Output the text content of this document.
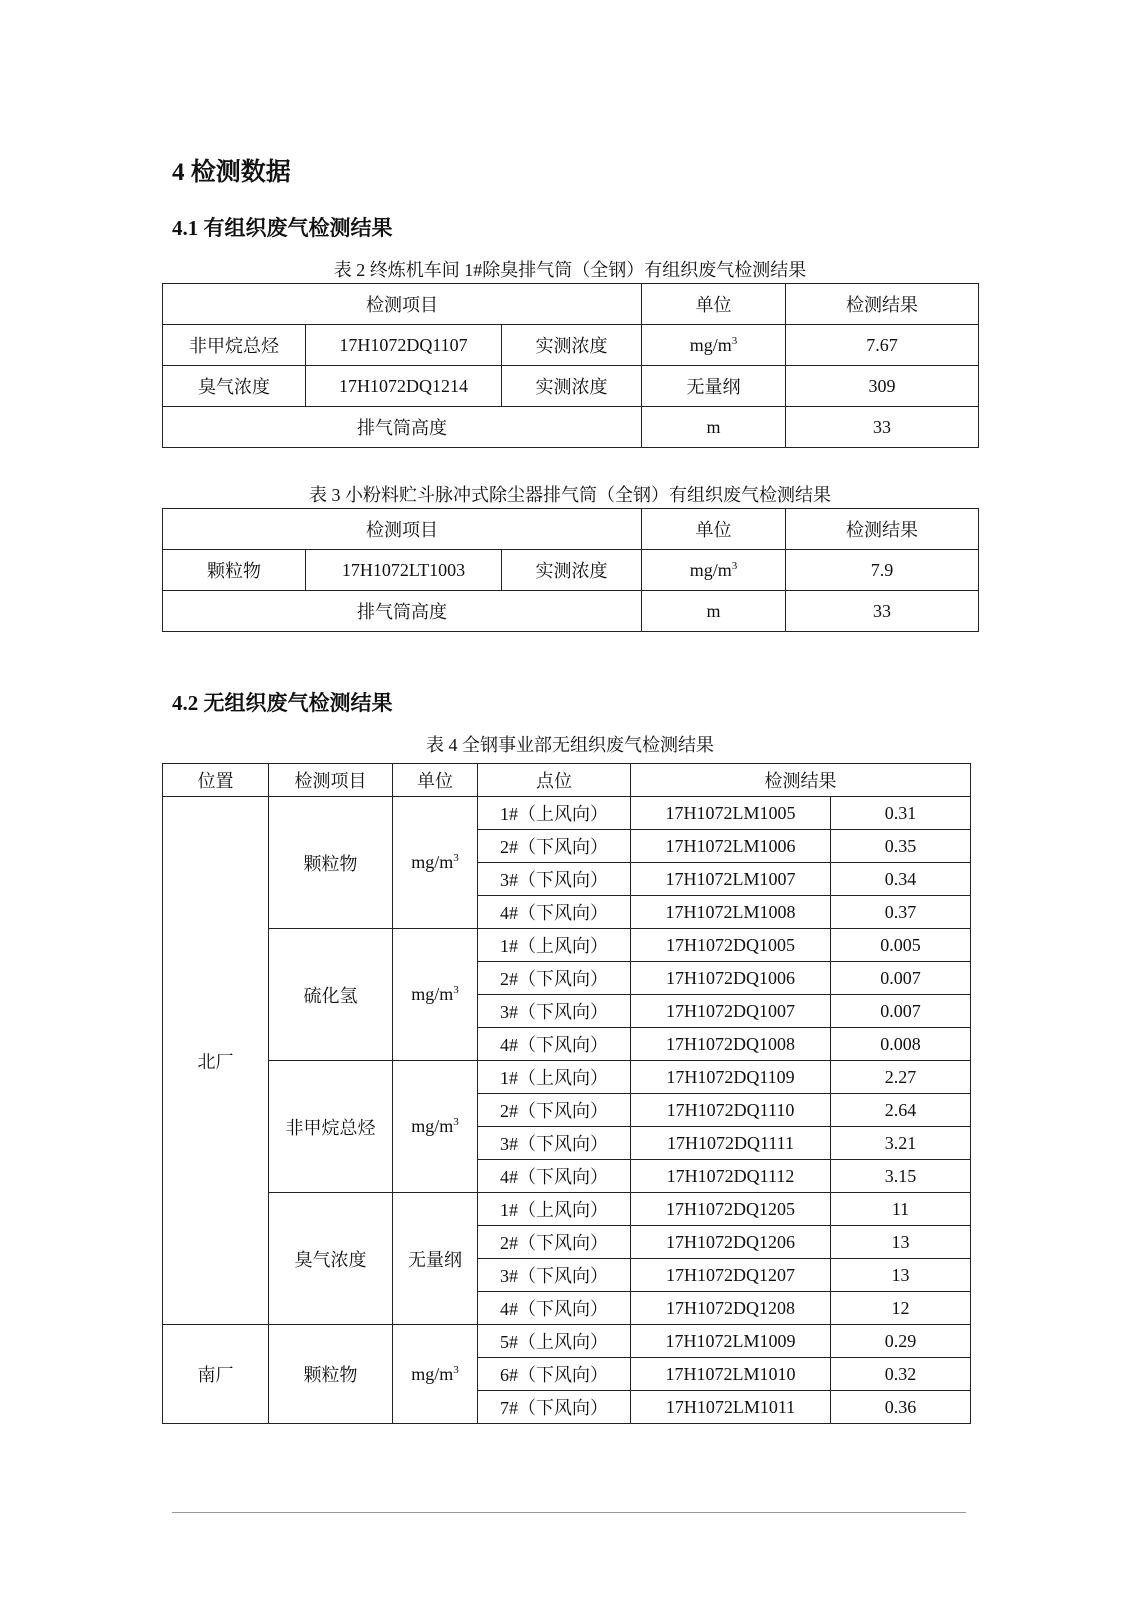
4 检测数据
4.1 有组织废气检测结果

表 2 终炼机车间 1#除臭排气筒（全钢）有组织废气检测结果

检测项目			单位	检测结果
非甲烷总烃	17H1072DQ1107	实测浓度	$mg/m^3$	7.67
臭气浓度	17H1072DQ1214	实测浓度	无量纲	309
排气筒高度			m	33

表 3 小粉料贮斗脉冲式除尘器排气筒（全钢）有组织废气检测结果

检测项目			单位	检测结果
颗粒物	17H1072LT1003	实测浓度	$mg/m^3$	7.9
排气筒高度			m	33
4.2 无组织废气检测结果

表 4 全钢事业部无组织废气检测结果

位置	检测项目	单位	点位	检测结果	
北厂	颗粒物	$mg/m^3$	1#（上风向）	17H1072LM1005	0.31
			2#（下风向）	17H1072LM1006	0.35
			3#（下风向）	17H1072LM1007	0.34
			4#（下风向）	17H1072LM1008	0.37
	硫化氢	$mg/m^3$	1#（上风向）	17H1072DQ1005	0.005
			2#（下风向）	17H1072DQ1006	0.007
			3#（下风向）	17H1072DQ1007	0.007
			4#（下风向）	17H1072DQ1008	0.008
	非甲烷总烃	$mg/m^3$	1#（上风向）	17H1072DQ1109	2.27
			2#（下风向）	17H1072DQ1110	2.64
			3#（下风向）	17H1072DQ1111	3.21
			4#（下风向）	17H1072DQ1112	3.15
	臭气浓度	无量纲	1#（上风向）	17H1072DQ1205	11
			2#（下风向）	17H1072DQ1206	13
			3#（下风向）	17H1072DQ1207	13
			4#（下风向）	17H1072DQ1208	12
南厂	颗粒物	$mg/m^3$	5#（上风向）	17H1072LM1009	0.29
			6#（下风向）	17H1072LM1010	0.32
			7#（下风向）	17H1072LM1011	0.36
